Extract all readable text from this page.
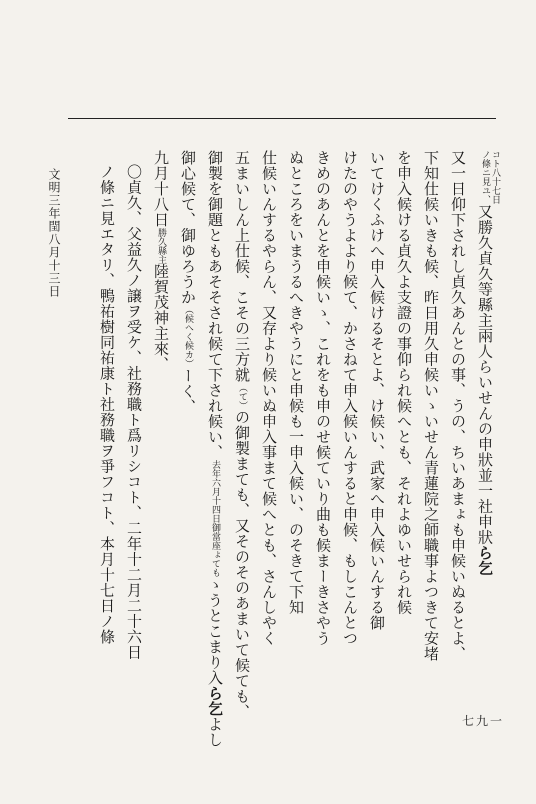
文明三年閏八月十三日	コト八十七日
ノ條ニ見ユ、
又勝久貞久等縣主兩人らいせんの申狀並一社申狀ら乞
又一日仰下されし貞久あんとの事、うの、ちいあまょも申候いぬるとよ、
下知仕候いきも候、昨日用久申候いゝいせん青蓮院之師職事よつきて安堵
を申入候ける貞久よ支證の事仰られ候へとも、それよゆいせられ候
いてけくふけへ申入候けるそとよ、け候い、武家へ申入候いんする御
けたのやうよより候て、かさねて申入候いんすると申候、もしこんとつ
きめのあんとを申候いゝ、これをも申のせ候ていり曲も候まーきさやう
ぬところをいまうるへきやうにと申候も一申入候い、のそきて下知
仕候いんするやらん、又存より候いぬ申入事まて候へとも、さんしやく
五まいしん上仕候、こその三方就
（て）
の御製まても、又そのそのあまいて候ても、
御製を御題ともあそそされ候て下され候い、
去年六月十四日御當座ょても
ゝうとこまり入ら乞よし
御心候て、御ゆろうか
（候へく候カ）
ーく、
九月十八日
勝久縣主
陸賀茂神主來、
〇貞久、父益久ノ譲ヲ受ケ、社務職ト爲リシコト、二年十二月二十六日
ノ條ニ見エタリ、鴨祐樹同祐康ト社務職ヲ爭フコト、本月十七日ノ條
七九一
